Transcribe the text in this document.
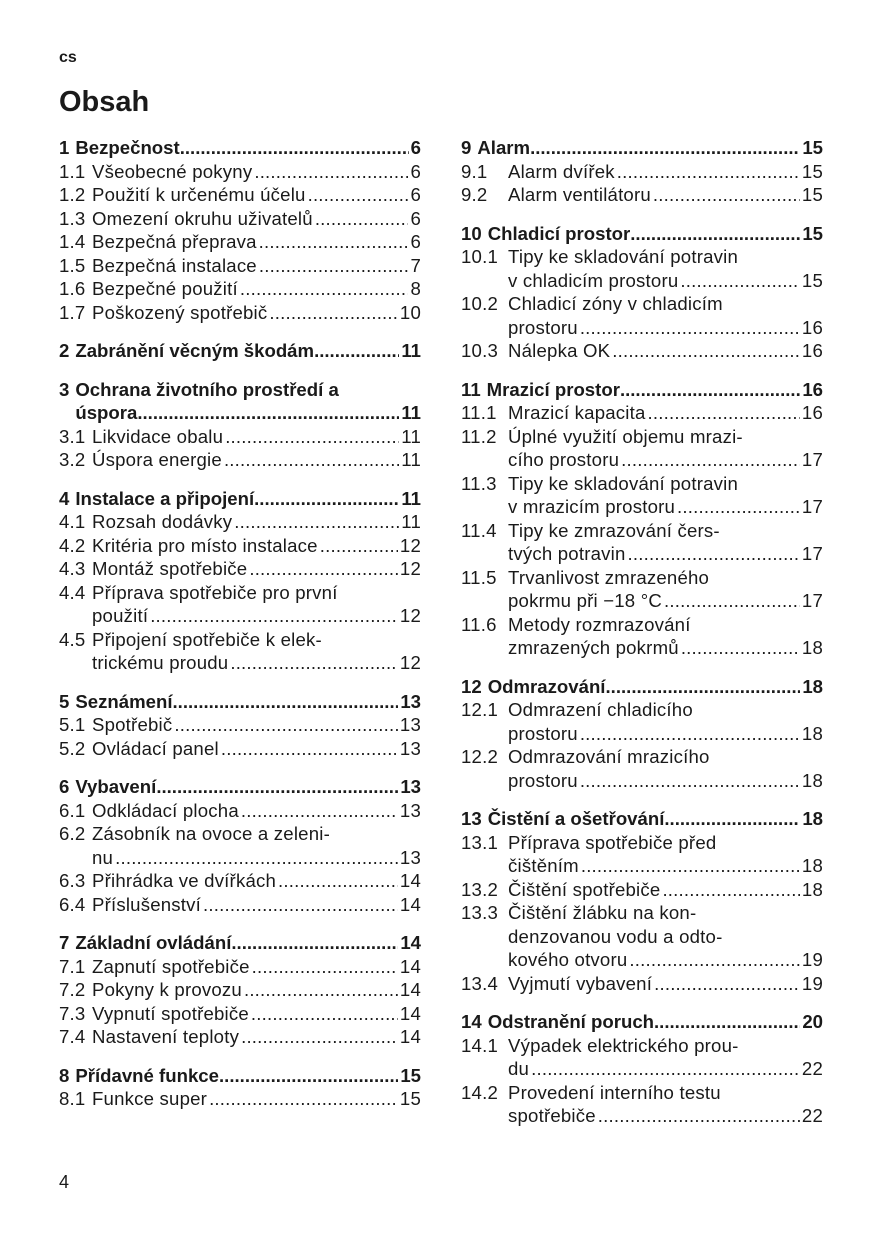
cs
Obsah
1 Bezpečnost .....	6
1.1 Všeobecné pokyny .....	6
1.2 Použití k určenému účelu .....	6
1.3 Omezení okruhu uživatelů .....	6
1.4 Bezpečná přeprava .....	6
1.5 Bezpečná instalace .....	7
1.6 Bezpečné použití .....	8
1.7 Poškozený spotřebič .....	10
2 Zabránění věcným škodám .....	11
3 Ochrana životního prostředí a
úspora .....	11
3.1 Likvidace obalu .....	11
3.2 Úspora energie .....	11
4 Instalace a připojení .....	11
4.1 Rozsah dodávky .....	11
4.2 Kritéria pro místo instalace .....	12
4.3 Montáž spotřebiče .....	12
4.4 Příprava spotřebiče pro první
použití .....	12
4.5 Připojení spotřebiče k elek-
trickému proudu .....	12
5 Seznámení .....	13
5.1 Spotřebič .....	13
5.2 Ovládací panel .....	13
6 Vybavení .....	13
6.1 Odkládací plocha .....	13
6.2 Zásobník na ovoce a zeleni-
nu .....	13
6.3 Přihrádka ve dvířkách .....	14
6.4 Příslušenství .....	14
7 Základní ovládání .....	14
7.1 Zapnutí spotřebiče .....	14
7.2 Pokyny k provozu .....	14
7.3 Vypnutí spotřebiče .....	14
7.4 Nastavení teploty .....	14
8 Přídavné funkce .....	15
8.1 Funkce super .....	15
9 Alarm .....	15
9.1	Alarm dvířek .....	15
9.2	Alarm ventilátoru .....	15
10 Chladicí prostor .....	15
10.1 Tipy ke skladování potravin
v chladicím prostoru .....	15
10.2 Chladicí zóny v chladicím
prostoru .....	16
10.3 Nálepka OK .....	16
11 Mrazicí prostor .....	16
11.1 Mrazicí kapacita .....	16
11.2 Úplné využití objemu mrazi-
cího prostoru .....	17
11.3 Tipy ke skladování potravin
v mrazicím prostoru .....	17
11.4 Tipy ke zmrazování čers-
tvých potravin .....	17
11.5 Trvanlivost zmrazeného
pokrmu při −18 °C .....	17
11.6 Metody rozmrazování
zmrazených pokrmů .....	18
12 Odmrazování .....	18
12.1 Odmrazení chladicího
prostoru .....	18
12.2 Odmrazování mrazicího
prostoru .....	18
13 Čistění a ošetřování .....	18
13.1 Příprava spotřebiče před
čištěním .....	18
13.2 Čištění spotřebiče .....	18
13.3 Čištění žlábku na kon-
denzovanou vodu a odto-
kového otvoru .....	19
13.4 Vyjmutí vybavení .....	19
14 Odstranění poruch .....	20
14.1 Výpadek elektrického prou-
du .....	22
14.2 Provedení interního testu
spotřebiče .....	22
4
